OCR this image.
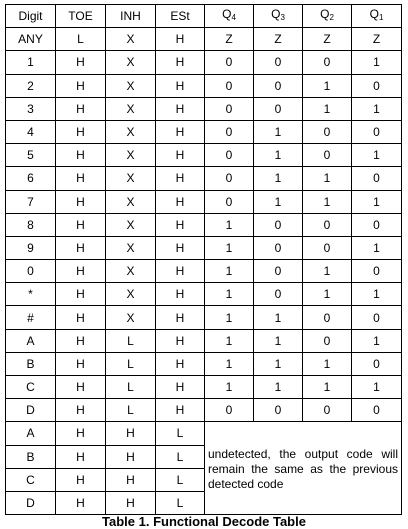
Digit	TOE	INH	ESt	$Q_4$	$Q_3$	$Q_2$	$Q_1$
ANY	L	X	H	Z	Z	Z	Z
1	H	X	H	0	0	0	1
2	H	X	H	0	0	1	0
3	H	X	H	0	0	1	1
4	H	X	H	0	1	0	0
5	H	X	H	0	1	0	1
6	H	X	H	0	1	1	0
7	H	X	H	0	1	1	1
8	H	X	H	1	0	0	0
9	H	X	H	1	0	0	1
0	H	X	H	1	0	1	0
*	H	X	H	1	0	1	1
#	H	X	H	1	1	0	0
A	H	L	H	1	1	0	1
B	H	L	H	1	1	1	0
C	H	L	H	1	1	1	1
D	H	L	H	0	0	0	0
A	H	H	L	undetected, the output code will remain the same as the previous detected code			
B	H	H	L				
C	H	H	L				
D	H	H	L				
Table 1. Functional Decode Table
